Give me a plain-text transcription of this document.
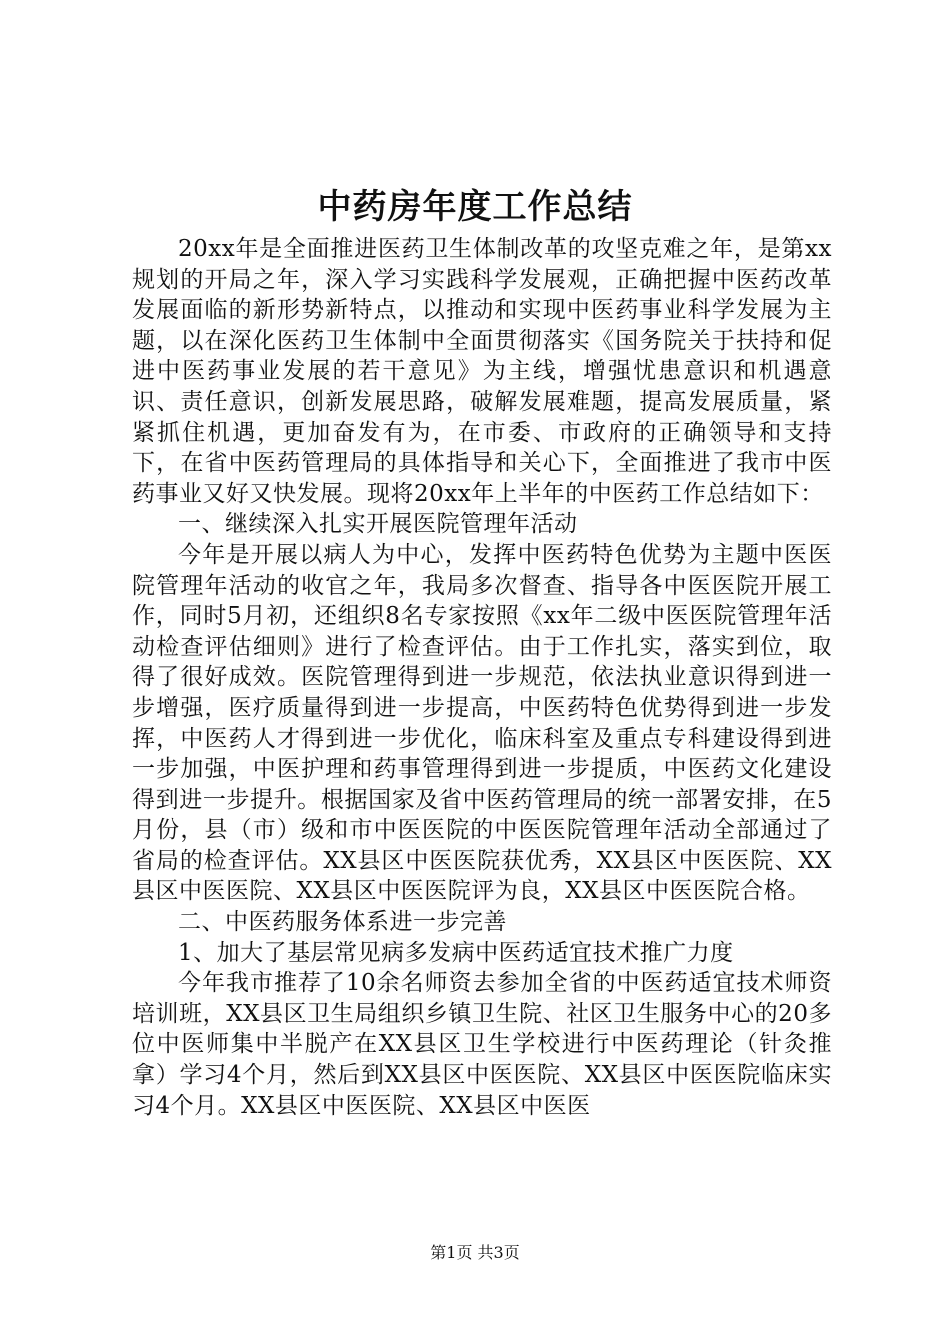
中药房年度工作总结

20xx年是全面推进医药卫生体制改革的攻坚克难之年，是第xx规划的开局之年，深入学习实践科学发展观，正确把握中医药改革发展面临的新形势新特点，以推动和实现中医药事业科学发展为主题，以在深化医药卫生体制中全面贯彻落实《国务院关于扶持和促进中医药事业发展的若干意见》为主线，增强忧患意识和机遇意识、责任意识，创新发展思路，破解发展难题，提高发展质量，紧紧抓住机遇，更加奋发有为，在市委、市政府的正确领导和支持下，在省中医药管理局的具体指导和关心下，全面推进了我市中医药事业又好又快发展。现将20xx年上半年的中医药工作总结如下：

一、继续深入扎实开展医院管理年活动

今年是开展以病人为中心，发挥中医药特色优势为主题中医医院管理年活动的收官之年，我局多次督查、指导各中医医院开展工作，同时5月初，还组织8名专家按照《xx年二级中医医院管理年活动检查评估细则》进行了检查评估。由于工作扎实，落实到位，取得了很好成效。医院管理得到进一步规范，依法执业意识得到进一步增强，医疗质量得到进一步提高，中医药特色优势得到进一步发挥，中医药人才得到进一步优化，临床科室及重点专科建设得到进一步加强，中医护理和药事管理得到进一步提质，中医药文化建设得到进一步提升。根据国家及省中医药管理局的统一部署安排，在5月份，县（市）级和市中医医院的中医医院管理年活动全部通过了省局的检查评估。XX县区中医医院获优秀，XX县区中医医院、XX县区中医医院、XX县区中医医院评为良，XX县区中医医院合格。

二、中医药服务体系进一步完善

1、加大了基层常见病多发病中医药适宜技术推广力度

今年我市推荐了10余名师资去参加全省的中医药适宜技术师资培训班，XX县区卫生局组织乡镇卫生院、社区卫生服务中心的20多位中医师集中半脱产在XX县区卫生学校进行中医药理论（针灸推拿）学习4个月，然后到XX县区中医医院、XX县区中医医院临床实习4个月。XX县区中医医院、XX县区中医医

第1页 共3页
